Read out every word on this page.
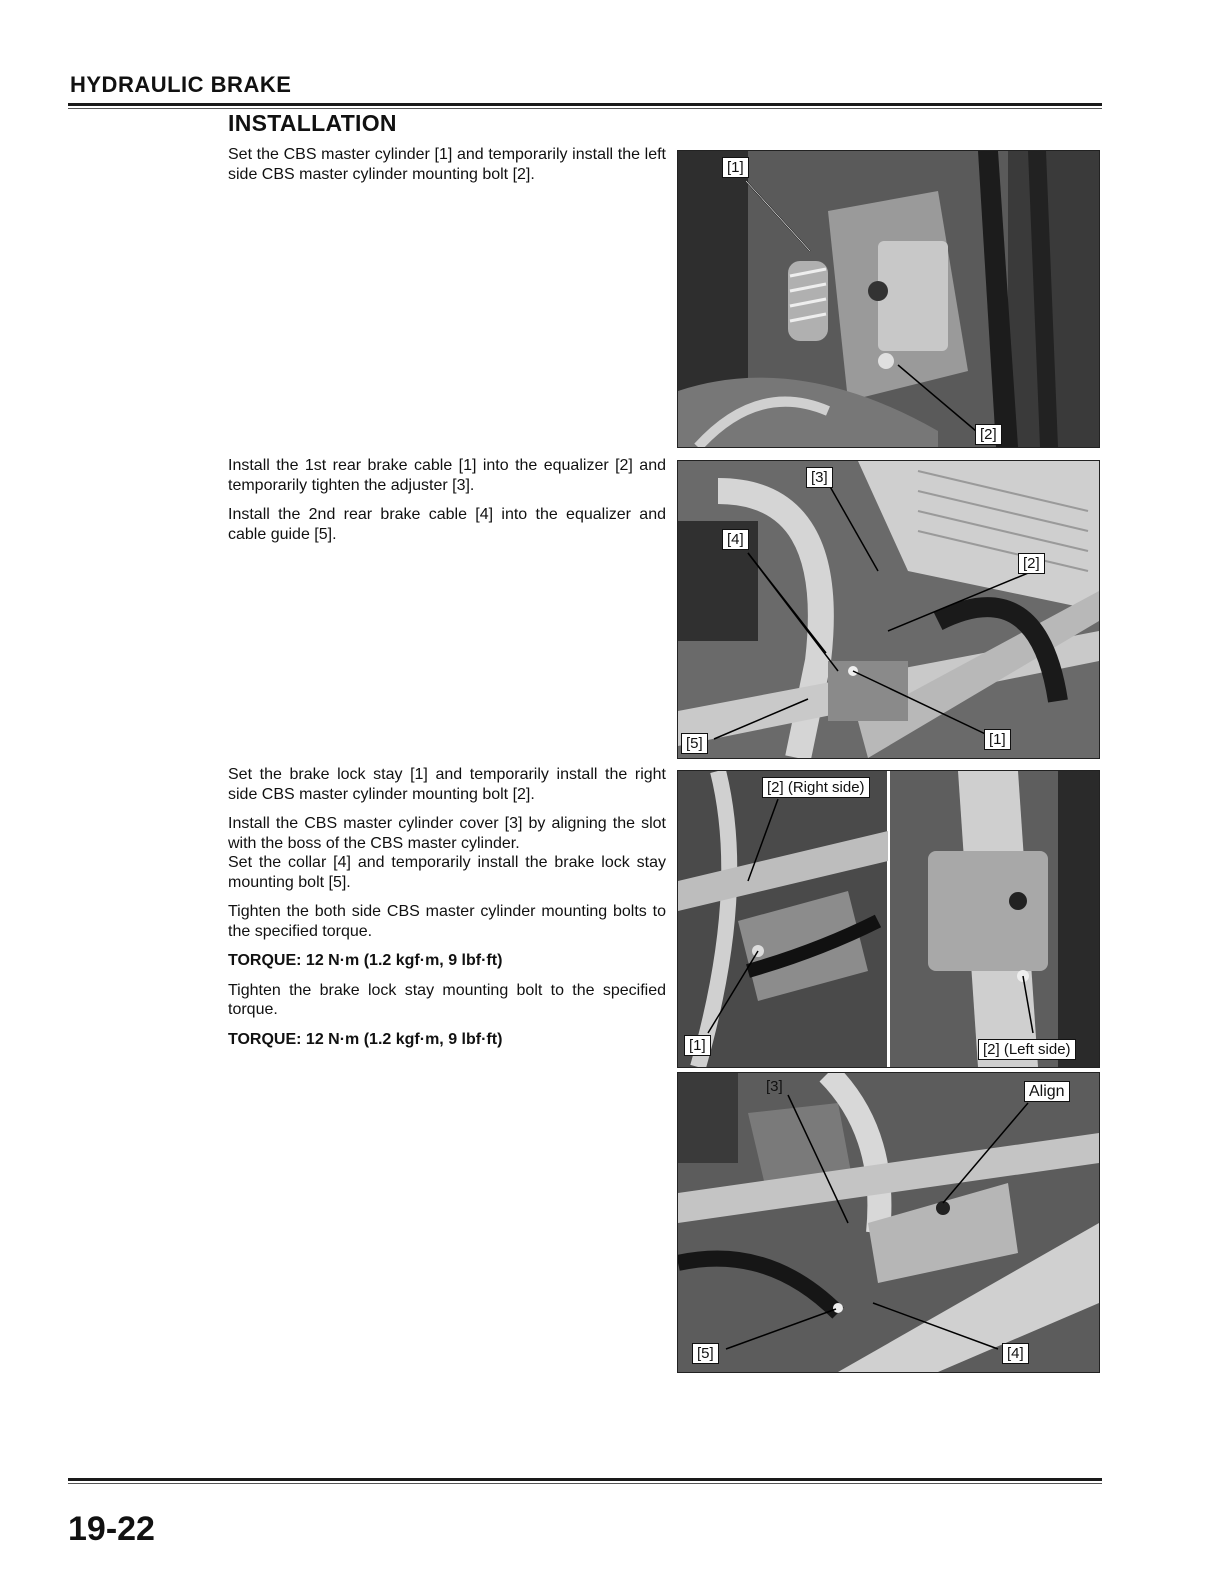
HYDRAULIC BRAKE
INSTALLATION

Set the CBS master cylinder [1] and temporarily install the left side CBS master cylinder mounting bolt [2].	[1]
[2]

Install the 1st rear brake cable [1] into the equalizer [2] and temporarily tighten the adjuster [3].

Install the 2nd rear brake cable [4] into the equalizer and cable guide [5].

[3]
[4]
[2]
[5]	[1]

Set the brake lock stay [1] and temporarily install the right side CBS master cylinder mounting bolt [2].

Install the CBS master cylinder cover [3] by aligning the slot with the boss of the CBS master cylinder.

Set the collar [4] and temporarily install the brake lock stay mounting bolt [5].

Tighten the both side CBS master cylinder mounting bolts to the specified torque.

TORQUE: 12 N·m (1.2 kgf·m, 9 lbf·ft)

Tighten the brake lock stay mounting bolt to the specified torque.

TORQUE: 12 N·m (1.2 kgf·m, 9 lbf·ft)

[2] (Right side)
[1]	[2] (Left side)
[3]	Align
[5]	[4]
19-22
